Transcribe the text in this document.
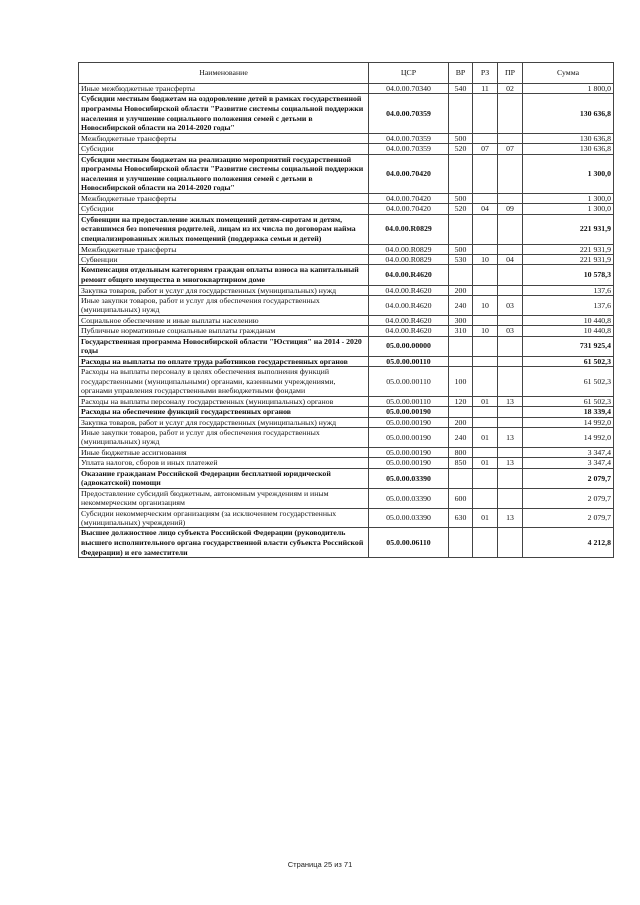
Наименование	ЦСР	ВР	РЗ	ПР	Сумма
Иные межбюджетные трансферты	04.0.00.70340	540	11	02	1 800,0
Субсидии местным бюджетам на оздоровление детей в рамках государственной программы Новосибирской области "Развитие системы социальной поддержки населения и улучшение социального положения семей с детьми в Новосибирской области на 2014-2020 годы"	04.0.00.70359				130 636,8
Межбюджетные трансферты	04.0.00.70359	500			130 636,8
Субсидии	04.0.00.70359	520	07	07	130 636,8
Субсидии местным бюджетам на реализацию мероприятий государственной программы Новосибирской области "Развитие системы социальной поддержки населения и улучшение социального положения семей с детьми в Новосибирской области на 2014-2020 годы"	04.0.00.70420				1 300,0
Межбюджетные трансферты	04.0.00.70420	500			1 300,0
Субсидии	04.0.00.70420	520	04	09	1 300,0
Субвенции на предоставление жилых помещений детям-сиротам и детям, оставшимся без попечения родителей, лицам из их числа по договорам найма специализированных жилых помещений (поддержка семьи и детей)	04.0.00.R0829				221 931,9
Межбюджетные трансферты	04.0.00.R0829	500			221 931,9
Субвенции	04.0.00.R0829	530	10	04	221 931,9
Компенсация отдельным категориям граждан оплаты взноса на капитальный ремонт общего имущества в многоквартирном доме	04.0.00.R4620				10 578,3
Закупка товаров, работ и услуг для государственных (муниципальных) нужд	04.0.00.R4620	200			137,6
Иные закупки товаров, работ и услуг для обеспечения государственных (муниципальных) нужд	04.0.00.R4620	240	10	03	137,6
Социальное обеспечение и иные выплаты населению	04.0.00.R4620	300			10 440,8
Публичные нормативные социальные выплаты гражданам	04.0.00.R4620	310	10	03	10 440,8
Государственная программа Новосибирской области "Юстиция" на 2014 - 2020 годы	05.0.00.00000				731 925,4
Расходы на выплаты по оплате труда работников государственных органов	05.0.00.00110				61 502,3
Расходы на выплаты персоналу в целях обеспечения выполнения функций государственными (муниципальными) органами, казенными учреждениями, органами управления государственными внебюджетными фондами	05.0.00.00110	100			61 502,3
Расходы на выплаты персоналу государственных (муниципальных) органов	05.0.00.00110	120	01	13	61 502,3
Расходы на обеспечение функций государственных органов	05.0.00.00190				18 339,4
Закупка товаров, работ и услуг для государственных (муниципальных) нужд	05.0.00.00190	200			14 992,0
Иные закупки товаров, работ и услуг для обеспечения государственных (муниципальных) нужд	05.0.00.00190	240	01	13	14 992,0
Иные бюджетные ассигнования	05.0.00.00190	800			3 347,4
Уплата налогов, сборов и иных платежей	05.0.00.00190	850	01	13	3 347,4
Оказание гражданам Российской Федерации бесплатной юридической (адвокатской) помощи	05.0.00.03390				2 079,7
Предоставление субсидий бюджетным, автономным учреждениям и иным некоммерческим организациям	05.0.00.03390	600			2 079,7
Субсидии некоммерческим организациям (за исключением государственных (муниципальных) учреждений)	05.0.00.03390	630	01	13	2 079,7
Высшее должностное лицо субъекта Российской Федерации (руководитель высшего исполнительного органа государственной власти субъекта Российской Федерации) и его заместители	05.0.00.06110				4 212,8
Страница 25 из 71
